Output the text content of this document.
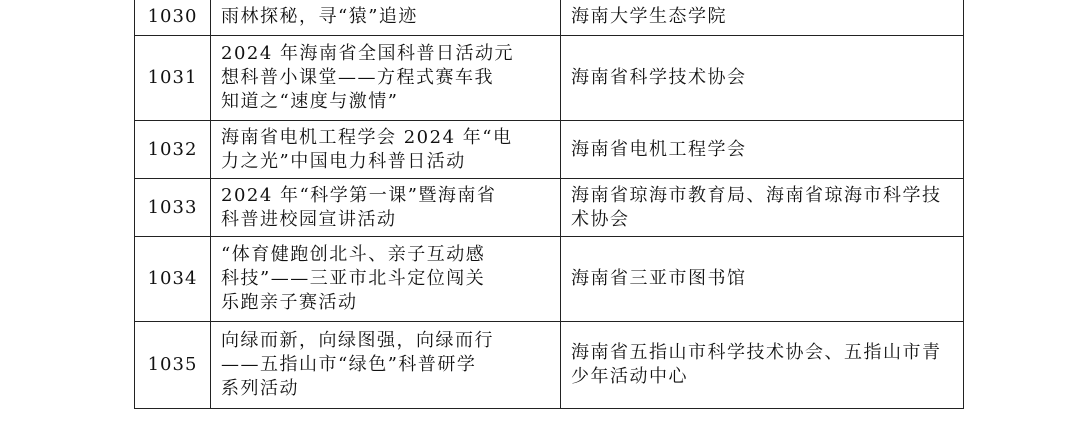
1030	雨林探秘，寻“猿”追迹	海南大学生态学院
1031	2024 年海南省全国科普日活动元
想科普小课堂——方程式赛车我
知道之“速度与激情”	海南省科学技术协会
1032	海南省电机工程学会 2024 年“电
力之光”中国电力科普日活动	海南省电机工程学会
1033	2024 年“科学第一课”暨海南省
科普进校园宣讲活动	海南省琼海市教育局、海南省琼海市科学技术协会
1034	“体育健跑创北斗、亲子互动感
科技”——三亚市北斗定位闯关
乐跑亲子赛活动	海南省三亚市图书馆
1035	向绿而新，向绿图强，向绿而行
——五指山市“绿色”科普研学
系列活动	海南省五指山市科学技术协会、五指山市青少年活动中心
